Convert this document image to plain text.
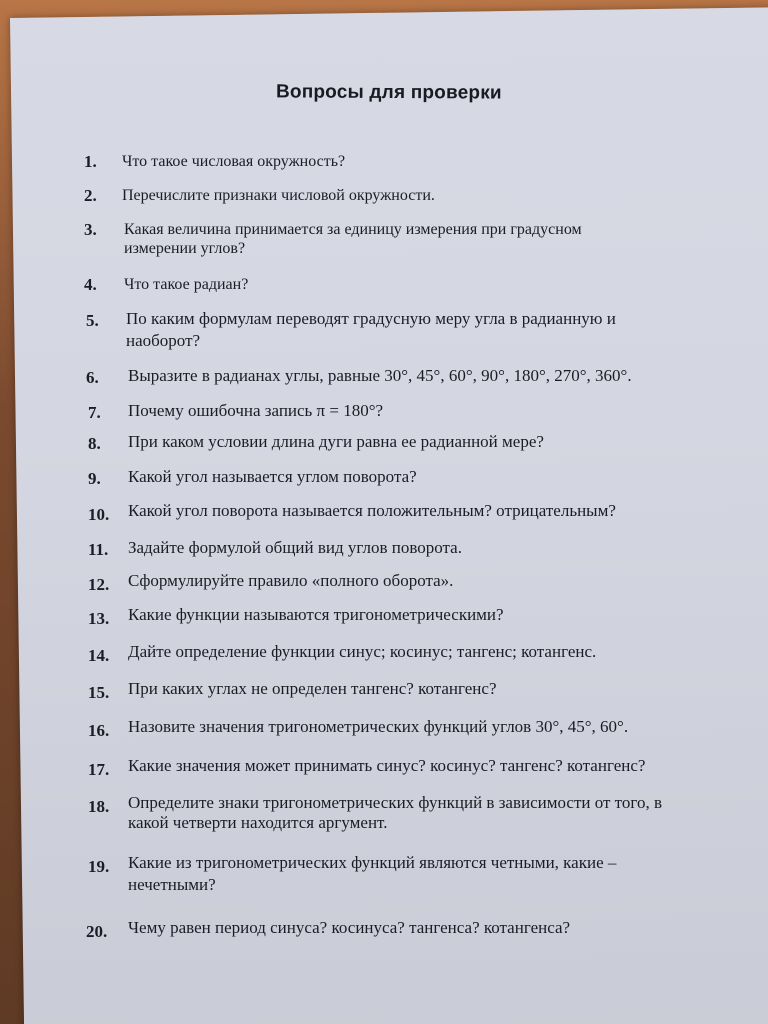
Вопросы для проверки
1. Что такое числовая окружность?
2. Перечислите признаки числовой окружности.
3. Какая величина принимается за единицу измерения при градусном
измерении углов?
4. Что такое радиан?
5. По каким формулам переводят градусную меру угла в радианную и
наоборот?
6. Выразите в радианах углы, равные 30°, 45°, 60°, 90°, 180°, 270°, 360°.
7. Почему ошибочна запись π = 180°?
8. При каком условии длина дуги равна ее радианной мере?
9. Какой угол называется углом поворота?
10. Какой угол поворота называется положительным? отрицательным?
11. Задайте формулой общий вид углов поворота.
12. Сформулируйте правило «полного оборота».
13. Какие функции называются тригонометрическими?
14. Дайте определение функции синус; косинус; тангенс; котангенс.
15. При каких углах не определен тангенс? котангенс?
16. Назовите значения тригонометрических функций углов 30°, 45°, 60°.
17. Какие значения может принимать синус? косинус? тангенс? котангенс?
18. Определите знаки тригонометрических функций в зависимости от того, в
какой четверти находится аргумент.
19. Какие из тригонометрических функций являются четными, какие –
нечетными?
20. Чему равен период синуса? косинуса? тангенса? котангенса?
